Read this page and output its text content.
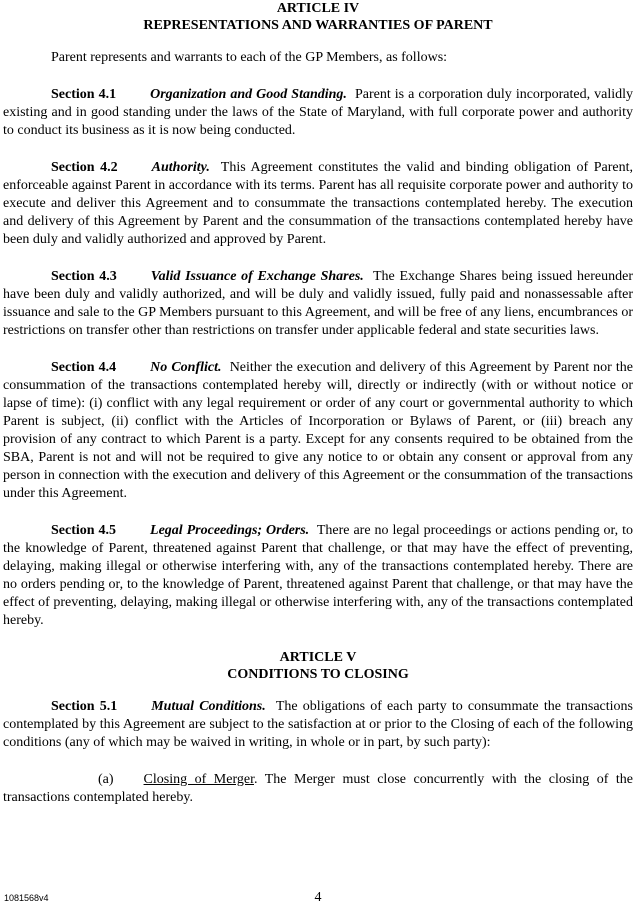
ARTICLE IV
REPRESENTATIONS AND WARRANTIES OF PARENT

Parent represents and warrants to each of the GP Members, as follows:

Section 4.1 Organization and Good Standing. Parent is a corporation duly incorporated, validly existing and in good standing under the laws of the State of Maryland, with full corporate power and authority to conduct its business as it is now being conducted.

Section 4.2 Authority. This Agreement constitutes the valid and binding obligation of Parent, enforceable against Parent in accordance with its terms. Parent has all requisite corporate power and authority to execute and deliver this Agreement and to consummate the transactions contemplated hereby. The execution and delivery of this Agreement by Parent and the consummation of the transactions contemplated hereby have been duly and validly authorized and approved by Parent.

Section 4.3 Valid Issuance of Exchange Shares. The Exchange Shares being issued hereunder have been duly and validly authorized, and will be duly and validly issued, fully paid and nonassessable after issuance and sale to the GP Members pursuant to this Agreement, and will be free of any liens, encumbrances or restrictions on transfer other than restrictions on transfer under applicable federal and state securities laws.

Section 4.4 No Conflict. Neither the execution and delivery of this Agreement by Parent nor the consummation of the transactions contemplated hereby will, directly or indirectly (with or without notice or lapse of time): (i) conflict with any legal requirement or order of any court or governmental authority to which Parent is subject, (ii) conflict with the Articles of Incorporation or Bylaws of Parent, or (iii) breach any provision of any contract to which Parent is a party. Except for any consents required to be obtained from the SBA, Parent is not and will not be required to give any notice to or obtain any consent or approval from any person in connection with the execution and delivery of this Agreement or the consummation of the transactions under this Agreement.

Section 4.5 Legal Proceedings; Orders. There are no legal proceedings or actions pending or, to the knowledge of Parent, threatened against Parent that challenge, or that may have the effect of preventing, delaying, making illegal or otherwise interfering with, any of the transactions contemplated hereby. There are no orders pending or, to the knowledge of Parent, threatened against Parent that challenge, or that may have the effect of preventing, delaying, making illegal or otherwise interfering with, any of the transactions contemplated hereby.

ARTICLE V
CONDITIONS TO CLOSING

Section 5.1 Mutual Conditions. The obligations of each party to consummate the transactions contemplated by this Agreement are subject to the satisfaction at or prior to the Closing of each of the following conditions (any of which may be waived in writing, in whole or in part, by such party):

(a) Closing of Merger. The Merger must close concurrently with the closing of the transactions contemplated hereby.

1081568v4	4
